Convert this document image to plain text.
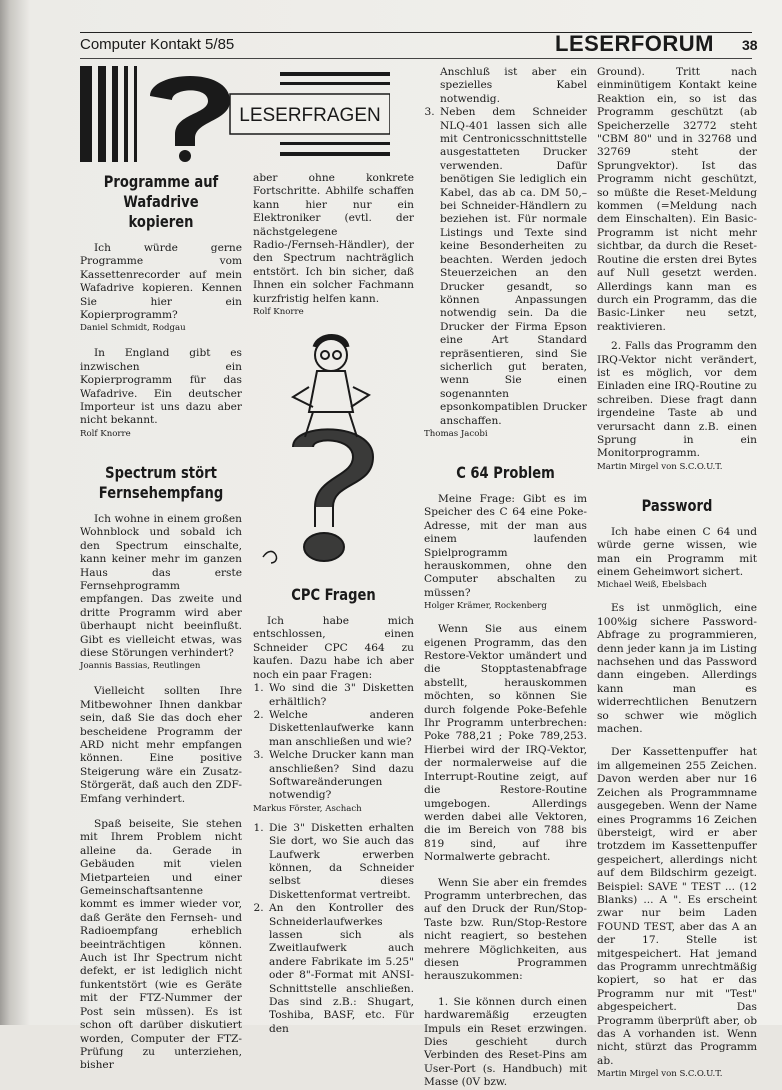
Computer Kontakt 5/85	LESERFORUM 38
LESERFRAGEN

Programme auf
Wafadrive kopieren

Ich würde gerne Programme vom Kassettenrecorder auf mein Wafadrive kopieren. Kennen Sie hier ein Kopierprogramm?

Daniel Schmidt, Rodgau

In England gibt es inzwischen ein Kopierprogramm für das Wafadrive. Ein deutscher Importeur ist uns dazu aber nicht bekannt.

Rolf Knorre

Spectrum stört
Fernsehempfang

Ich wohne in einem großen Wohnblock und sobald ich den Spectrum einschalte, kann keiner mehr im ganzen Haus das erste Fernsehprogramm empfangen. Das zweite und dritte Programm wird aber überhaupt nicht beeinflußt. Gibt es vielleicht etwas, was diese Störungen verhindert?

Joannis Bassias, Reutlingen

Vielleicht sollten Ihre Mitbewohner Ihnen dankbar sein, daß Sie das doch eher bescheidene Programm der ARD nicht mehr empfangen können. Eine positive Steigerung wäre ein Zusatz-Störgerät, daß auch den ZDF-Emfang verhindert.

Spaß beiseite, Sie stehen mit Ihrem Problem nicht alleine da. Gerade in Gebäuden mit vielen Mietparteien und einer Gemeinschaftsantenne kommt es immer wieder vor, daß Geräte den Fernseh- und Radioempfang erheblich beeinträchtigen können. Auch ist Ihr Spectrum nicht defekt, er ist lediglich nicht funkentstört (wie es Geräte mit der FTZ-Nummer der Post sein müssen). Es ist schon oft darüber diskutiert worden, Computer der FTZ-Prüfung zu unterziehen, bisher

aber ohne konkrete Fortschritte. Abhilfe schaffen kann hier nur ein Elektroniker (evtl. der nächstgelegene Radio-/Fernseh-Händler), der den Spectrum nachträglich entstört. Ich bin sicher, daß Ihnen ein solcher Fachmann kurzfristig helfen kann.

Rolf Knorre

CPC Fragen

Ich habe mich entschlossen, einen Schneider CPC 464 zu kaufen. Dazu habe ich aber noch ein paar Fragen:

1. Wo sind die 3" Disketten erhältlich?
2. Welche anderen Diskettenlaufwerke kann man anschließen und wie?
3. Welche Drucker kann man anschließen? Sind dazu Softwareänderungen notwendig?
Markus Förster, Aschach
1. Die 3" Disketten erhalten Sie dort, wo Sie auch das Laufwerk erwerben können, da Schneider selbst dieses Diskettenformat vertreibt.
2. An den Kontroller des Schneiderlaufwerkes lassen sich als Zweitlaufwerk auch andere Fabrikate im 5.25" oder 8"-Format mit ANSI-Schnittstelle anschließen. Das sind z.B.: Shugart, Toshiba, BASF, etc. Für den

Anschluß ist aber ein spezielles Kabel notwendig.

3. Neben dem Schneider NLQ-401 lassen sich alle mit Centronicsschnittstelle ausgestatteten Drucker verwenden. Dafür benötigen Sie lediglich ein Kabel, das ab ca. DM 50,– bei Schneider-Händlern zu beziehen ist. Für normale Listings und Texte sind keine Besonderheiten zu beachten. Werden jedoch Steuerzeichen an den Drucker gesandt, so können Anpassungen notwendig sein. Da die Drucker der Firma Epson eine Art Standard repräsentieren, sind Sie sicherlich gut beraten, wenn Sie einen sogenannten epsonkompatiblen Drucker anschaffen.
Thomas Jacobi

C 64 Problem

Meine Frage: Gibt es im Speicher des C 64 eine Poke-Adresse, mit der man aus einem laufenden Spielprogramm herauskommen, ohne den Computer abschalten zu müssen?

Holger Krämer, Rockenberg

Wenn Sie aus einem eigenen Programm, das den Restore-Vektor umändert und die Stopptastenabfrage abstellt, herauskommen möchten, so können Sie durch folgende Poke-Befehle Ihr Programm unterbrechen: Poke 788,21 ; Poke 789,253. Hierbei wird der IRQ-Vektor, der normalerweise auf die Interrupt-Routine zeigt, auf die Restore-Routine umgebogen. Allerdings werden dabei alle Vektoren, die im Bereich von 788 bis 819 sind, auf ihre Normalwerte gebracht.

Wenn Sie aber ein fremdes Programm unterbrechen, das auf den Druck der Run/Stop-Taste bzw. Run/Stop-Restore nicht reagiert, so bestehen mehrere Möglichkeiten, aus diesen Programmen herauszukommen:

1. Sie können durch einen hardwaremäßig erzeugten Impuls ein Reset erzwingen. Dies geschieht durch Verbinden des Reset-Pins am User-Port (s. Handbuch) mit Masse (0V bzw.

Ground). Tritt nach einminütigem Kontakt keine Reaktion ein, so ist das Programm geschützt (ab Speicherzelle 32772 steht "CBM 80" und in 32768 und 32769 steht der Sprungvektor). Ist das Programm nicht geschützt, so müßte die Reset-Meldung kommen (=Meldung nach dem Einschalten). Ein Basic-Programm ist nicht mehr sichtbar, da durch die Reset-Routine die ersten drei Bytes auf Null gesetzt werden. Allerdings kann man es durch ein Programm, das die Basic-Linker neu setzt, reaktivieren.

2. Falls das Programm den IRQ-Vektor nicht verändert, ist es möglich, vor dem Einladen eine IRQ-Routine zu schreiben. Diese fragt dann irgendeine Taste ab und verursacht dann z.B. einen Sprung in ein Monitorprogramm.

Martin Mirgel von S.C.O.U.T.

Password

Ich habe einen C 64 und würde gerne wissen, wie man ein Programm mit einem Geheimwort sichert.

Michael Weiß, Ebelsbach

Es ist unmöglich, eine 100%ig sichere Password-Abfrage zu programmieren, denn jeder kann ja im Listing nachsehen und das Password dann eingeben. Allerdings kann man es widerrechtlichen Benutzern so schwer wie möglich machen.

Der Kassettenpuffer hat im allgemeinen 255 Zeichen. Davon werden aber nur 16 Zeichen als Programmname ausgegeben. Wenn der Name eines Programms 16 Zeichen übersteigt, wird er aber trotzdem im Kassettenpuffer gespeichert, allerdings nicht auf dem Bildschirm gezeigt. Beispiel: SAVE " TEST ... (12 Blanks) ... A ". Es erscheint zwar nur beim Laden FOUND TEST, aber das A an der 17. Stelle ist mitgespeichert. Hat jemand das Programm unrechtmäßig kopiert, so hat er das Programm nur mit "Test" abgespeichert. Das Programm überprüft aber, ob das A vorhanden ist. Wenn nicht, stürzt das Programm ab.

Martin Mirgel von S.C.O.U.T.
